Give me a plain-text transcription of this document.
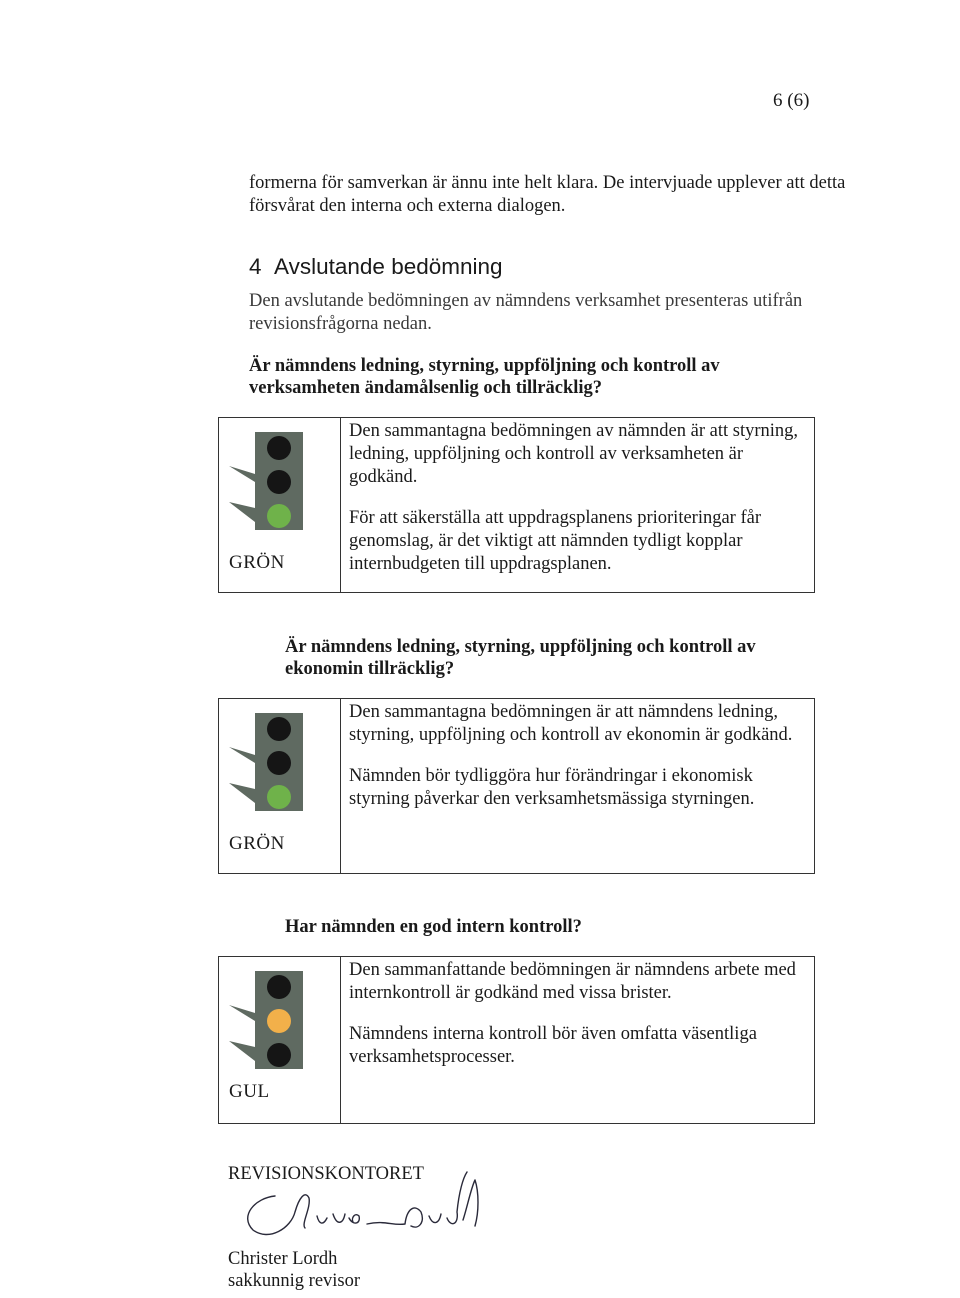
6 (6)
formerna för samverkan är ännu inte helt klara. De intervjuade upplever att detta försvårat den interna och externa dialogen.
4 Avslutande bedömning
Den avslutande bedömningen av nämndens verksamhet presenteras utifrån revisionsfrågorna nedan.
Är nämndens ledning, styrning, uppföljning och kontroll av verksamheten ändamålsenlig och tillräcklig?
GRÖN

Den sammantagna bedömningen av nämnden är att styrning, ledning, uppföljning och kontroll av verksamheten är godkänd.

För att säkerställa att uppdragsplanens prioriteringar får genomslag, är det viktigt att nämnden tydligt kopplar internbudgeten till uppdragsplanen.

Är nämndens ledning, styrning, uppföljning och kontroll av ekonomin tillräcklig?
GRÖN

Den sammantagna bedömningen är att nämndens ledning, styrning, uppföljning och kontroll av ekonomin är godkänd.

Nämnden bör tydliggöra hur förändringar i ekonomisk styrning påverkar den verksamhetsmässiga styrningen.

Har nämnden en god intern kontroll?
GUL

Den sammanfattande bedömningen är nämndens arbete med internkontroll är godkänd med vissa brister.

Nämndens interna kontroll bör även omfatta väsentliga verksamhetsprocesser.

REVISIONSKONTORET
Christer Lordh
sakkunnig revisor
